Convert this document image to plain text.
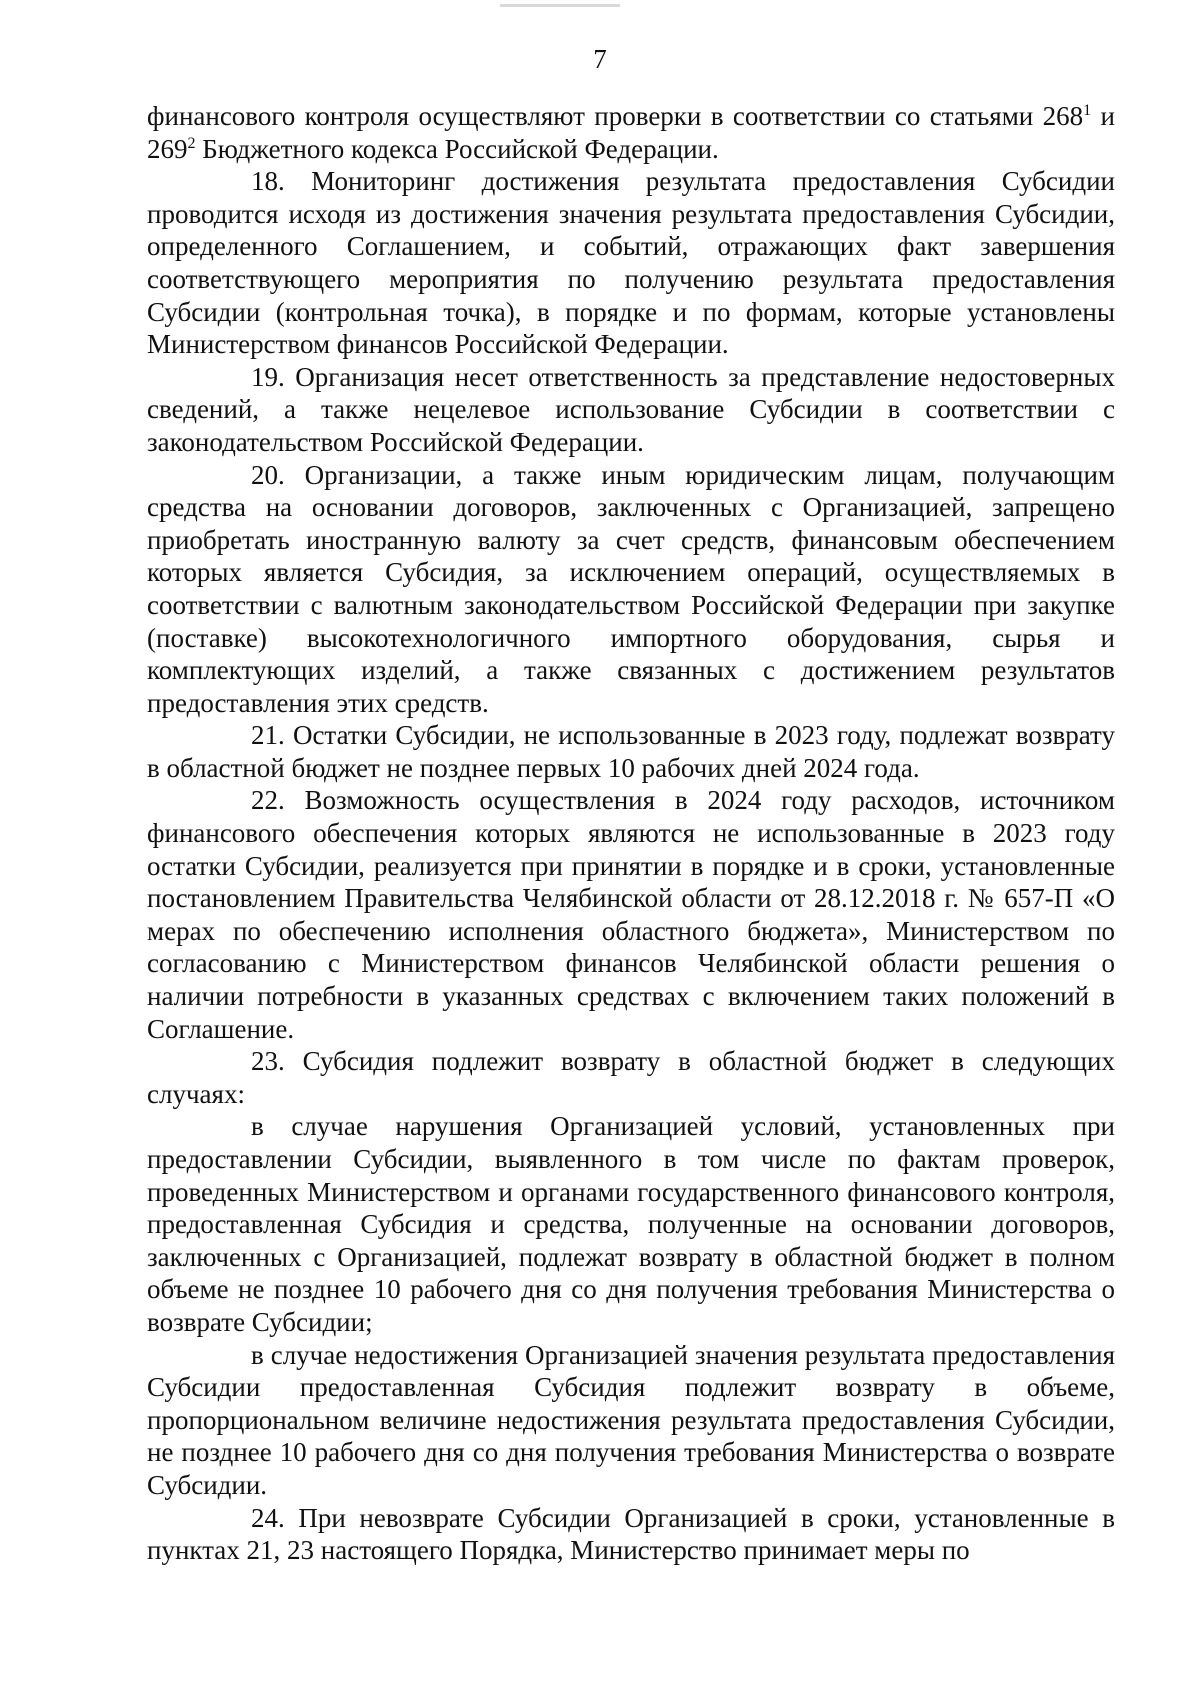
7

финансового контроля осуществляют проверки в соответствии со статьями $268^1$ и $269^2$ Бюджетного кодекса Российской Федерации.

18. Мониторинг достижения результата предоставления Субсидии проводится исходя из достижения значения результата предоставления Субсидии, определенного Соглашением, и событий, отражающих факт завершения соответствующего мероприятия по получению результата предоставления Субсидии (контрольная точка), в порядке и по формам, которые установлены Министерством финансов Российской Федерации.

19. Организация несет ответственность за представление недостоверных сведений, а также нецелевое использование Субсидии в соответствии с законодательством Российской Федерации.

20. Организации, а также иным юридическим лицам, получающим средства на основании договоров, заключенных с Организацией, запрещено приобретать иностранную валюту за счет средств, финансовым обеспечением которых является Субсидия, за исключением операций, осуществляемых в соответствии с валютным законодательством Российской Федерации при закупке (поставке) высокотехнологичного импортного оборудования, сырья и комплектующих изделий, а также связанных с достижением результатов предоставления этих средств.

21. Остатки Субсидии, не использованные в 2023 году, подлежат возврату в областной бюджет не позднее первых 10 рабочих дней 2024 года.

22. Возможность осуществления в 2024 году расходов, источником финансового обеспечения которых являются не использованные в 2023 году остатки Субсидии, реализуется при принятии в порядке и в сроки, установленные постановлением Правительства Челябинской области от 28.12.2018 г. № 657-П «О мерах по обеспечению исполнения областного бюджета», Министерством по согласованию с Министерством финансов Челябинской области решения о наличии потребности в указанных средствах с включением таких положений в Соглашение.

23. Субсидия подлежит возврату в областной бюджет в следующих случаях:

в случае нарушения Организацией условий, установленных при предоставлении Субсидии, выявленного в том числе по фактам проверок, проведенных Министерством и органами государственного финансового контроля, предоставленная Субсидия и средства, полученные на основании договоров, заключенных с Организацией, подлежат возврату в областной бюджет в полном объеме не позднее 10 рабочего дня со дня получения требования Министерства о возврате Субсидии;

в случае недостижения Организацией значения результата предоставления Субсидии предоставленная Субсидия подлежит возврату в объеме, пропорциональном величине недостижения результата предоставления Субсидии, не позднее 10 рабочего дня со дня получения требования Министерства о возврате Субсидии.

24. При невозврате Субсидии Организацией в сроки, установленные в пунктах 21, 23 настоящего Порядка, Министерство принимает меры по
